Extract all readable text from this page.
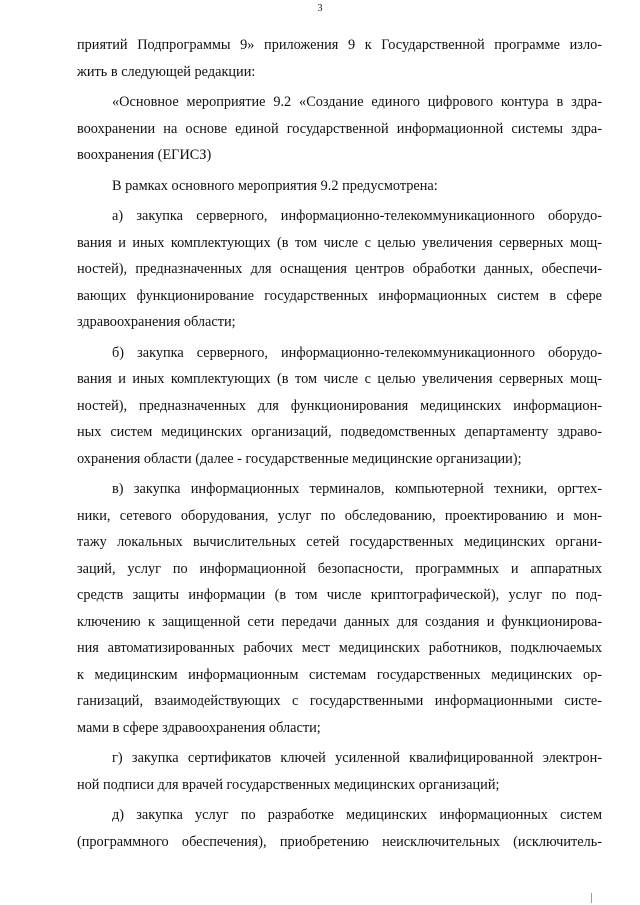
3
приятий Подпрограммы 9» приложения 9 к Государственной программе изло-
жить в следующей редакции:
«Основное мероприятие 9.2 «Создание единого цифрового контура в здра-
воохранении на основе единой государственной информационной системы здра-
воохранения (ЕГИСЗ)
В рамках основного мероприятия 9.2 предусмотрена:
а) закупка серверного, информационно-телекоммуникационного оборудо-
вания и иных комплектующих (в том числе с целью увеличения серверных мощ-
ностей), предназначенных для оснащения центров обработки данных, обеспечи-
вающих функционирование государственных информационных систем в сфере
здравоохранения области;
б) закупка серверного, информационно-телекоммуникационного оборудо-
вания и иных комплектующих (в том числе с целью увеличения серверных мощ-
ностей), предназначенных для функционирования медицинских информацион-
ных систем медицинских организаций, подведомственных департаменту здраво-
охранения области (далее - государственные медицинские организации);
в) закупка информационных терминалов, компьютерной техники, оргтех-
ники, сетевого оборудования, услуг по обследованию, проектированию и мон-
тажу локальных вычислительных сетей государственных медицинских органи-
заций, услуг по информационной безопасности, программных и аппаратных
средств защиты информации (в том числе криптографической), услуг по под-
ключению к защищенной сети передачи данных для создания и функционирова-
ния автоматизированных рабочих мест медицинских работников, подключаемых
к медицинским информационным системам государственных медицинских ор-
ганизаций, взаимодействующих с государственными информационными систе-
мами в сфере здравоохранения области;
г) закупка сертификатов ключей усиленной квалифицированной электрон-
ной подписи для врачей государственных медицинских организаций;
д) закупка услуг по разработке медицинских информационных систем
(программного обеспечения), приобретению неисключительных (исключитель-
